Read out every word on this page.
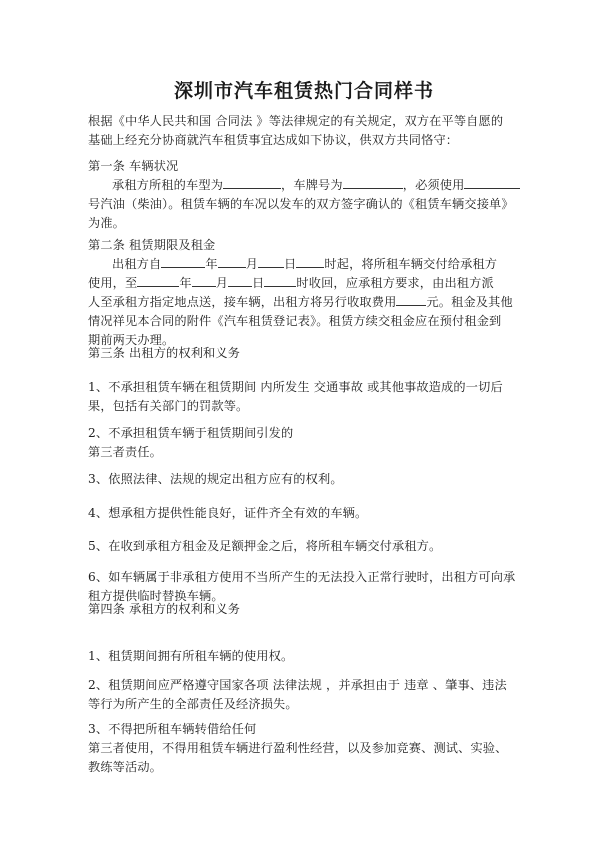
深圳市汽车租赁热门合同样书
根据《中华人民共和国 合同法 》等法律规定的有关规定，双方在平等自愿的
基础上经充分协商就汽车租赁事宜达成如下协议，供双方共同恪守：
第一条 车辆状况
承租方所租的车型为	，车牌号为	，必须使用
号汽油（柴油）。租赁车辆的车况以发车的双方签字确认的《租赁车辆交接单》
为准。
第二条 租赁期限及租金
出租方自	年 月 日 时起，将所租车辆交付给承租方
使用，至	年 月 日	时收回，应承租方要求，由出租方派
人至承租方指定地点送，接车辆，出租方将另行收取费用 元。租金及其他
情况祥见本合同的附件《汽车租赁登记表》。租赁方续交租金应在预付租金到
期前两天办理。
第三条 出租方的权利和义务
1、不承担租赁车辆在租赁期间 内所发生 交通事故 或其他事故造成的一切后
果，包括有关部门的罚款等。
2、不承担租赁车辆于租赁期间引发的
第三者责任。
3、依照法律、法规的规定出租方应有的权利。
4、想承租方提供性能良好，证件齐全有效的车辆。
5、在收到承租方租金及足额押金之后，将所租车辆交付承租方。
6、如车辆属于非承租方使用不当所产生的无法投入正常行驶时，出租方可向承
租方提供临时替换车辆。
第四条 承租方的权利和义务
1、租赁期间拥有所租车辆的使用权。
2、租赁期间应严格遵守国家各项 法律法规 ，并承担由于 违章 、肇事、违法
等行为所产生的全部责任及经济损失。
3、不得把所租车辆转借给任何
第三者使用，不得用租赁车辆进行盈利性经营，以及参加竞赛、测试、实验、
教练等活动。
